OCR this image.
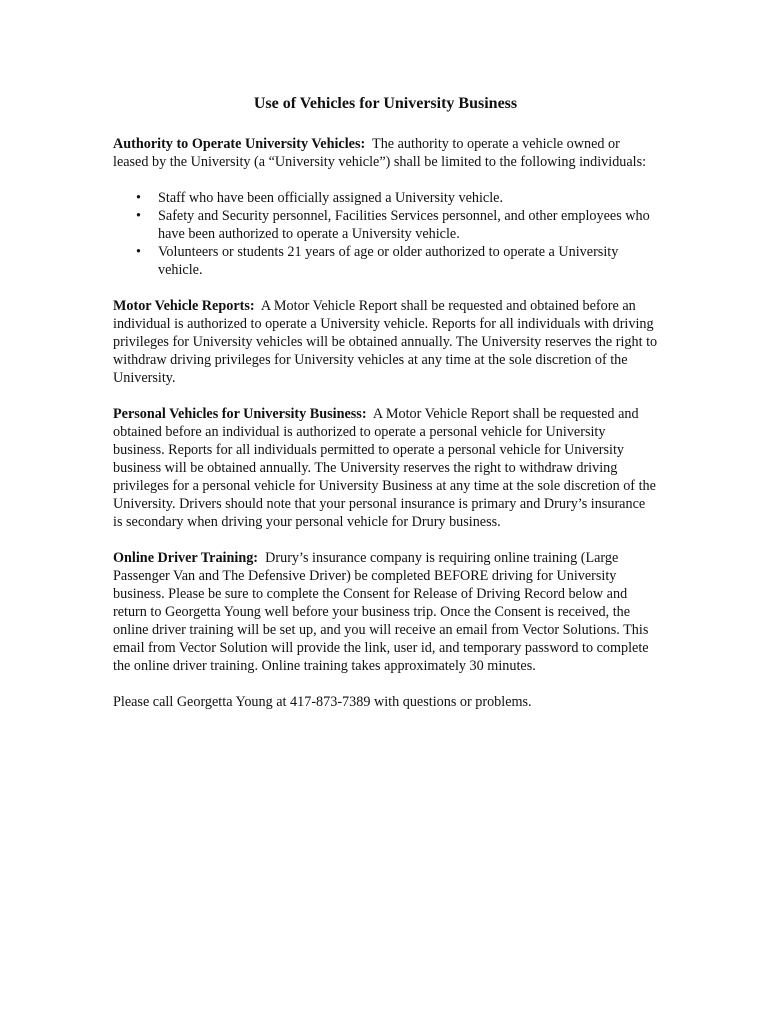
Use of Vehicles for University Business

Authority to Operate University Vehicles: The authority to operate a vehicle owned or leased by the University (a “University vehicle”) shall be limited to the following individuals:

• Staff who have been officially assigned a University vehicle.
• Safety and Security personnel, Facilities Services personnel, and other employees who have been authorized to operate a University vehicle.
• Volunteers or students 21 years of age or older authorized to operate a University vehicle.

Motor Vehicle Reports: A Motor Vehicle Report shall be requested and obtained before an individual is authorized to operate a University vehicle. Reports for all individuals with driving privileges for University vehicles will be obtained annually. The University reserves the right to withdraw driving privileges for University vehicles at any time at the sole discretion of the University.

Personal Vehicles for University Business: A Motor Vehicle Report shall be requested and obtained before an individual is authorized to operate a personal vehicle for University business. Reports for all individuals permitted to operate a personal vehicle for University business will be obtained annually. The University reserves the right to withdraw driving privileges for a personal vehicle for University Business at any time at the sole discretion of the University. Drivers should note that your personal insurance is primary and Drury’s insurance is secondary when driving your personal vehicle for Drury business.

Online Driver Training: Drury’s insurance company is requiring online training (Large Passenger Van and The Defensive Driver) be completed BEFORE driving for University business. Please be sure to complete the Consent for Release of Driving Record below and return to Georgetta Young well before your business trip. Once the Consent is received, the online driver training will be set up, and you will receive an email from Vector Solutions. This email from Vector Solution will provide the link, user id, and temporary password to complete the online driver training. Online training takes approximately 30 minutes.

Please call Georgetta Young at 417-873-7389 with questions or problems.
